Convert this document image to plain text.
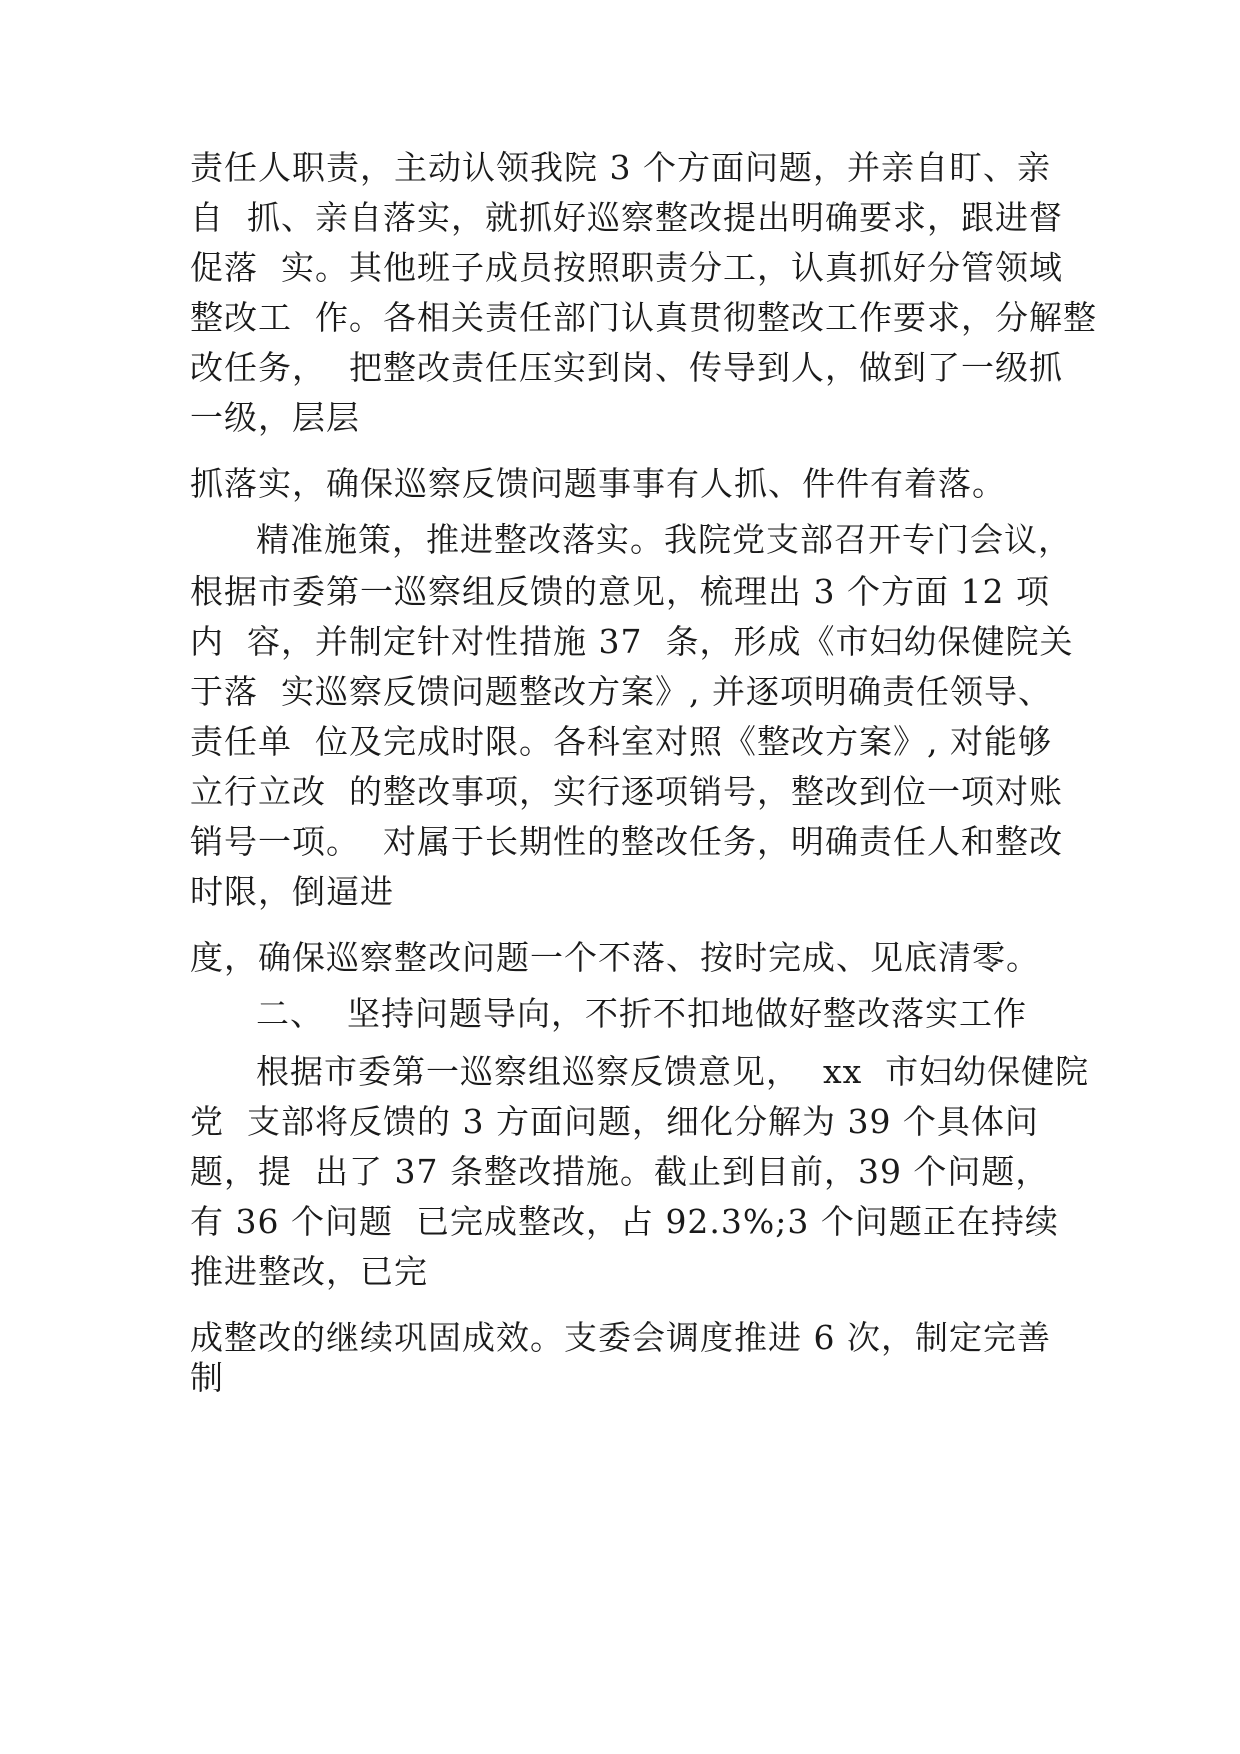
责任人职责，主动认领我院 3 个方面问题，并亲自盯、亲
自  抓、亲自落实，就抓好巡察整改提出明确要求，跟进督
促落  实。其他班子成员按照职责分工，认真抓好分管领域
整改工  作。各相关责任部门认真贯彻整改工作要求，分解整
改任务，  把整改责任压实到岗、传导到人，做到了一级抓
一级，层层
抓落实，确保巡察反馈问题事事有人抓、件件有着落。
精准施策，推进整改落实。我院党支部召开专门会议，
根据市委第一巡察组反馈的意见，梳理出 3 个方面 12 项
内  容，并制定针对性措施 37  条，形成《市妇幼保健院关
于落  实巡察反馈问题整改方案》, 并逐项明确责任领导、
责任单  位及完成时限。各科室对照《整改方案》, 对能够
立行立改  的整改事项，实行逐项销号，整改到位一项对账
销号一项。  对属于长期性的整改任务，明确责任人和整改
时限，倒逼进
度，确保巡察整改问题一个不落、按时完成、见底清零。
二、  坚持问题导向，不折不扣地做好整改落实工作
根据市委第一巡察组巡察反馈意见，  xx  市妇幼保健院
党  支部将反馈的 3 方面问题，细化分解为 39 个具体问
题，提  出了 37 条整改措施。截止到目前，39 个问题，
有 36 个问题  已完成整改，占 92.3%;3 个问题正在持续
推进整改，已完
成整改的继续巩固成效。支委会调度推进 6 次，制定完善
制
